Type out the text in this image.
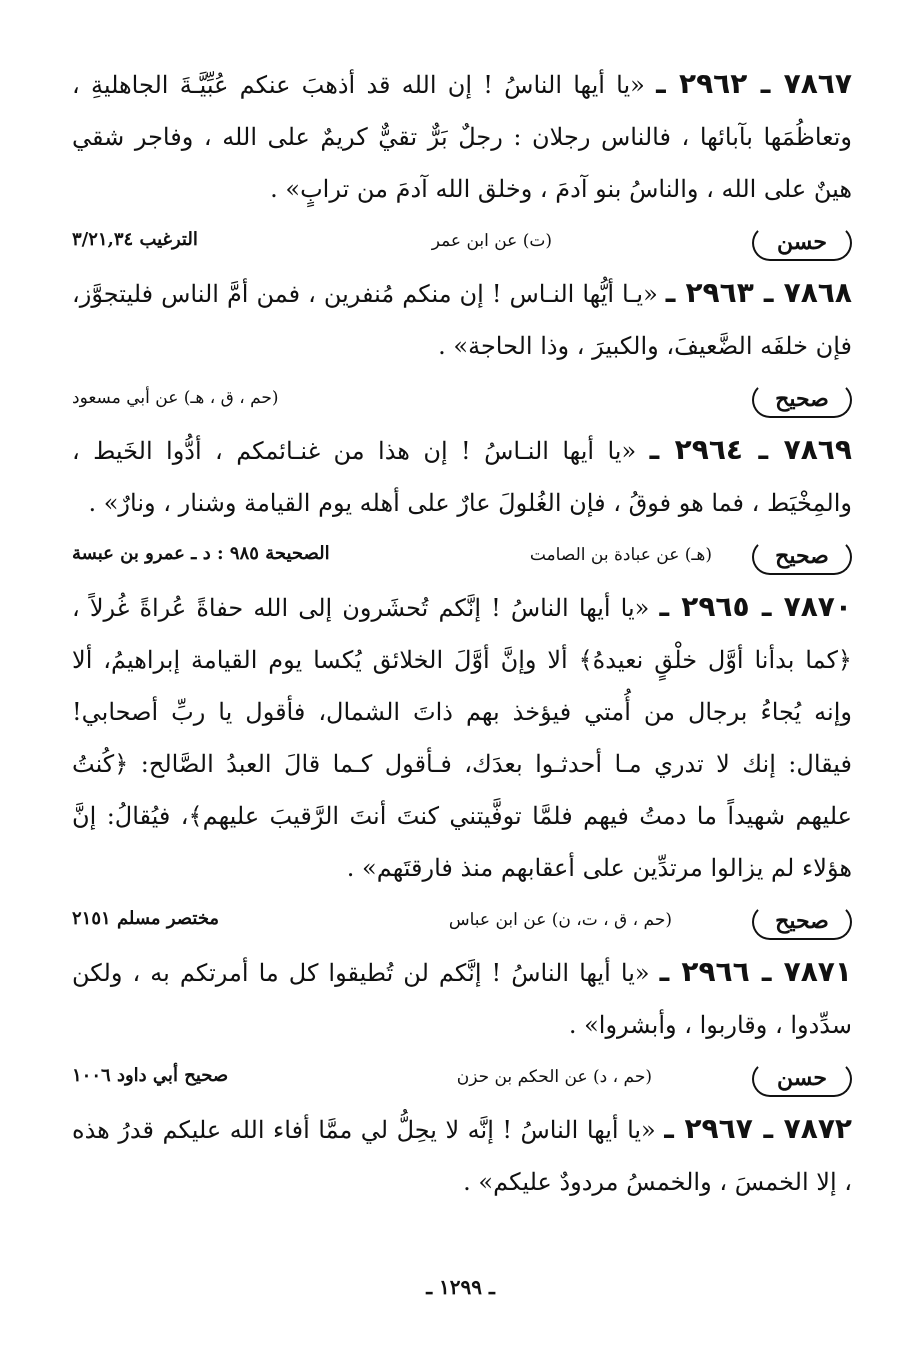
٧٨٦٧ ـ ٢٩٦٢ ـ «يا أيها الناسُ ! إن الله قد أذهبَ عنكم عُبِّيَّـةَ الجاهليةِ ، وتعاظُمَها بآبائها ، فالناس رجلان : رجلٌ بَرٌّ تقيٌّ كريمٌ على الله ، وفاجر شقي هينٌ على الله ، والناسُ بنو آدمَ ، وخلق الله آدمَ من ترابٍ» .

حسن
(ت) عن ابن عمر
الترغيب ٣/٢١,٣٤

٧٨٦٨ ـ ٢٩٦٣ ـ «يـا أيُّها النـاس ! إن منكم مُنفرين ، فمن أمَّ الناس فليتجوَّز، فإن خلفَه الضَّعيفَ، والكبيرَ ، وذا الحاجة» .

صحيح
(حم ، ق ، هـ) عن أبي مسعود

٧٨٦٩ ـ ٢٩٦٤ ـ «يا أيها النـاسُ ! إن هذا من غنـائمكم ، أدُّوا الخَيط ، والمِخْيَط ، فما هو فوقُ ، فإن الغُلولَ عارٌ على أهله يوم القيامة وشنار ، ونارٌ» .

صحيح
(هـ) عن عبادة بن الصامت
الصحيحة ٩٨٥ : د ـ عمرو بن عبسة

٧٨٧٠ ـ ٢٩٦٥ ـ «يا أيها الناسُ ! إنَّكم تُحشَرون إلى الله حفاةً عُراةً غُرلاً ، ﴿كما بدأنا أوَّل خلْقٍ نعيدهُ﴾ ألا وإنَّ أوَّلَ الخلائق يُكسا يوم القيامة إبراهيمُ، ألا وإنه يُجاءُ برجال من أُمتي فيؤخذ بهم ذاتَ الشمال، فأقول يا ربِّ أصحابي! فيقال: إنك لا تدري مـا أحدثـوا بعدَك، فـأقول كـما قالَ العبدُ الصَّالح: ﴿كُنتُ عليهم شهيداً ما دمتُ فيهم فلمَّا توفَّيتني كنتَ أنتَ الرَّقيبَ عليهم﴾، فيُقالُ: إنَّ هؤلاء لم يزالوا مرتدِّين على أعقابهم منذ فارقتَهم» .

صحيح
(حم ، ق ، ت، ن) عن ابن عباس
مختصر مسلم ٢١٥١

٧٨٧١ ـ ٢٩٦٦ ـ «يا أيها الناسُ ! إنَّكم لن تُطيقوا كل ما أمرتكم به ، ولكن سدِّدوا ، وقاربوا ، وأبشروا» .

حسن
(حم ، د) عن الحكم بن حزن
صحيح أبي داود ١٠٠٦

٧٨٧٢ ـ ٢٩٦٧ ـ «يا أيها الناسُ ! إنَّه لا يحِلُّ لي ممَّا أفاء الله عليكم قدرُ هذه ، إلا الخمسَ ، والخمسُ مردودٌ عليكم» .

ـ ١٢٩٩ ـ
